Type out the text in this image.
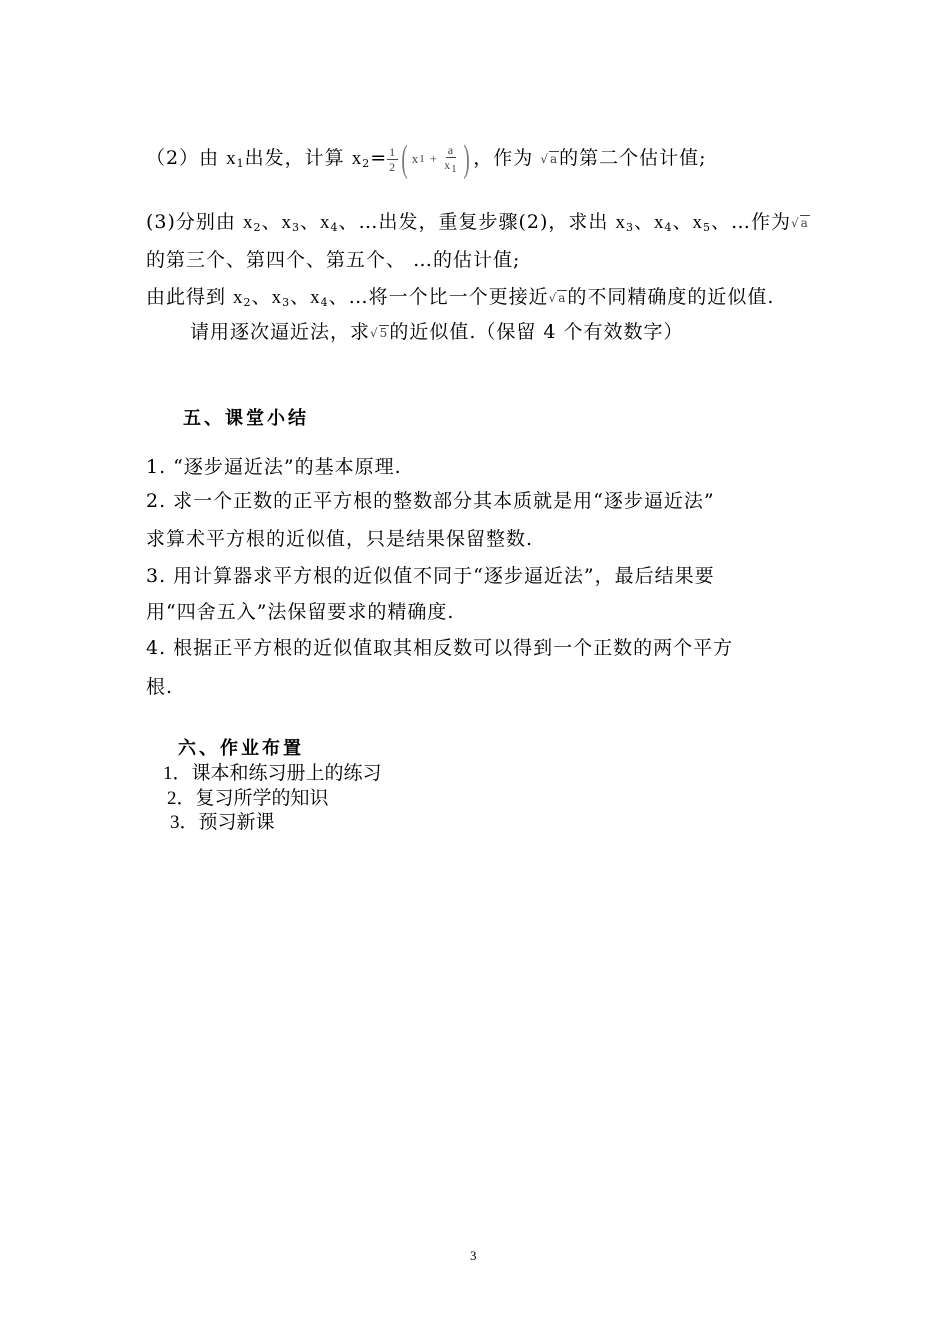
（2）由 $x_1$出发，计算 $x_2= \frac{1}{2}$ ( x $1 + \frac{a}{x_1}$ ) ，作为 √a的第二个估计值;
(3)分别由 $x_2$、$x_3$、$x_4$、…出发，重复步骤(2)，求出 $x_3$、$x_4$、$x_5$、…作为√a
的第三个、第四个、第五个、 …的估计值;
由此得到 $x_2$、$x_3$、$x_4$、…将一个比一个更接近√a的不同精确度的近似值.
请用逐次逼近法，求√5的近似值.（保留 4 个有效数字）
五、课堂小结
1. “逐步逼近法”的基本原理.
2. 求一个正数的正平方根的整数部分其本质就是用“逐步逼近法”
求算术平方根的近似值，只是结果保留整数.
3. 用计算器求平方根的近似值不同于“逐步逼近法”，最后结果要
用“四舍五入”法保留要求的精确度.
4. 根据正平方根的近似值取其相反数可以得到一个正数的两个平方
根.
六、作业布置
1．课本和练习册上的练习
2．复习所学的知识
3．预习新课
3
